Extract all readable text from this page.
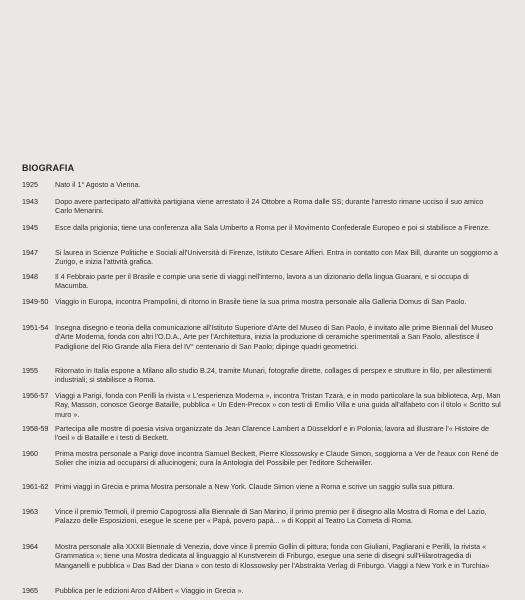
BIOGRAFIA
1925	Nato il 1° Agosto a Vienna.
1943	Dopo avere partecipato all'attività partigiana viene arrestato il 24 Ottobre a Roma dalle SS; durante l'arresto rimane ucciso il suo amico Carlo Menarini.
1945	Esce dalla prigionia; tiene una conferenza alla Sala Umberto a Roma per il Movimento Confederale Europeo e poi si stabilisce a Firenze.
1947	Si laurea in Scienze Politiche e Sociali all'Università di Firenze, Istituto Cesare Alfieri. Entra in contatto con Max Bill, durante un soggiorno a Zurigo, e inizia l'attività grafica.
1948	Il 4 Febbraio parte per il Brasile e compie una serie di viaggi nell'interno, lavora a un dizionario della lingua Guarani, e si occupa di Macumba.
1949-50 Viaggio in Europa, incontra Prampolini, di ritorno in Brasile tiene la sua prima mostra personale alla Galleria Domus di San Paolo.
1951-54 Insegna disegno e teoria della comunicazione all'Istituto Superiore d'Arte del Museo di San Paolo, è invitato alle prime Biennali del Museo d'Arte Moderna, fonda con altri l'O.D.A., Arte per l'Architettura, inizia la produzione di ceramiche sperimentali a San Paolo, allestisce il Padiglione del Rio Grande alla Fiera del IV° centenario di San Paolo; dipinge quadri geometrici.
1955	Ritornato in Italia espone a Milano allo studio B.24, tramite Munari, fotografie dirette, collages di perspex e strutture in filo, per allestimenti industriali; si stabilisce a Roma.
1956-57 Viaggi a Parigi, fonda con Perilli la rivista « L'esperienza Moderna », incontra Tristan Tzarà, e in modo particolare la sua biblioteca, Arp, Man Ray, Masson, conosce George Bataille, pubblica « Un Eden-Precox » con testi di Emilio Villa e una guida all'alfabeto con il titolo « Scritto sul muro ».
1958-59 Partecipa alle mostre di poesia visiva organizzate da Jean Clarence Lambert a Düsseldorf e in Polonia; lavora ad illustrare l'« Histoire de l'oeil » di Bataille e i testi di Beckett.
1960	Prima mostra personale a Parigi dove incontra Samuel Beckett, Pierre Klossowsky e Claude Simon, soggiorna a Ver de l'eaux con René de Solier che inizia ad occuparsi di allucinogeni; cura la Antologia del Possibile per l'editore Scheiwiller.
1961-62 Primi viaggi in Grecia e prima Mostra personale a New York. Claude Simon viene a Roma e scrive un saggio sulla sua pittura.
1963	Vince il premio Termoli, il premio Capogrossi alla Biennale di San Marino, il primo premio per il disegno alla Mostra di Roma e del Lazio, Palazzo delle Esposizioni, esegue le scene per « Papà, povero papà... » di Koppit al Teatro La Cometa di Roma.
1964	Mostra personale alla XXXII Biennale di Venezia, dove vince il premio Gollin di pittura; fonda con Giuliani, Pagliarani e Perilli, la rivista « Grammatica »; tiene una Mostra dedicata al linguaggio al Kunstverein di Friburgo, esegue una serie di disegni sull'Hilarotragedia di Manganelli e pubblica « Das Bad der Diana » con testo di Klossowsky per l'Abstrakta Verlag di Friburgo. Viaggi a New York e in Turchia»
1965	Pubblica per le edizioni Arco d'Alibert « Viaggio in Grecia ».
